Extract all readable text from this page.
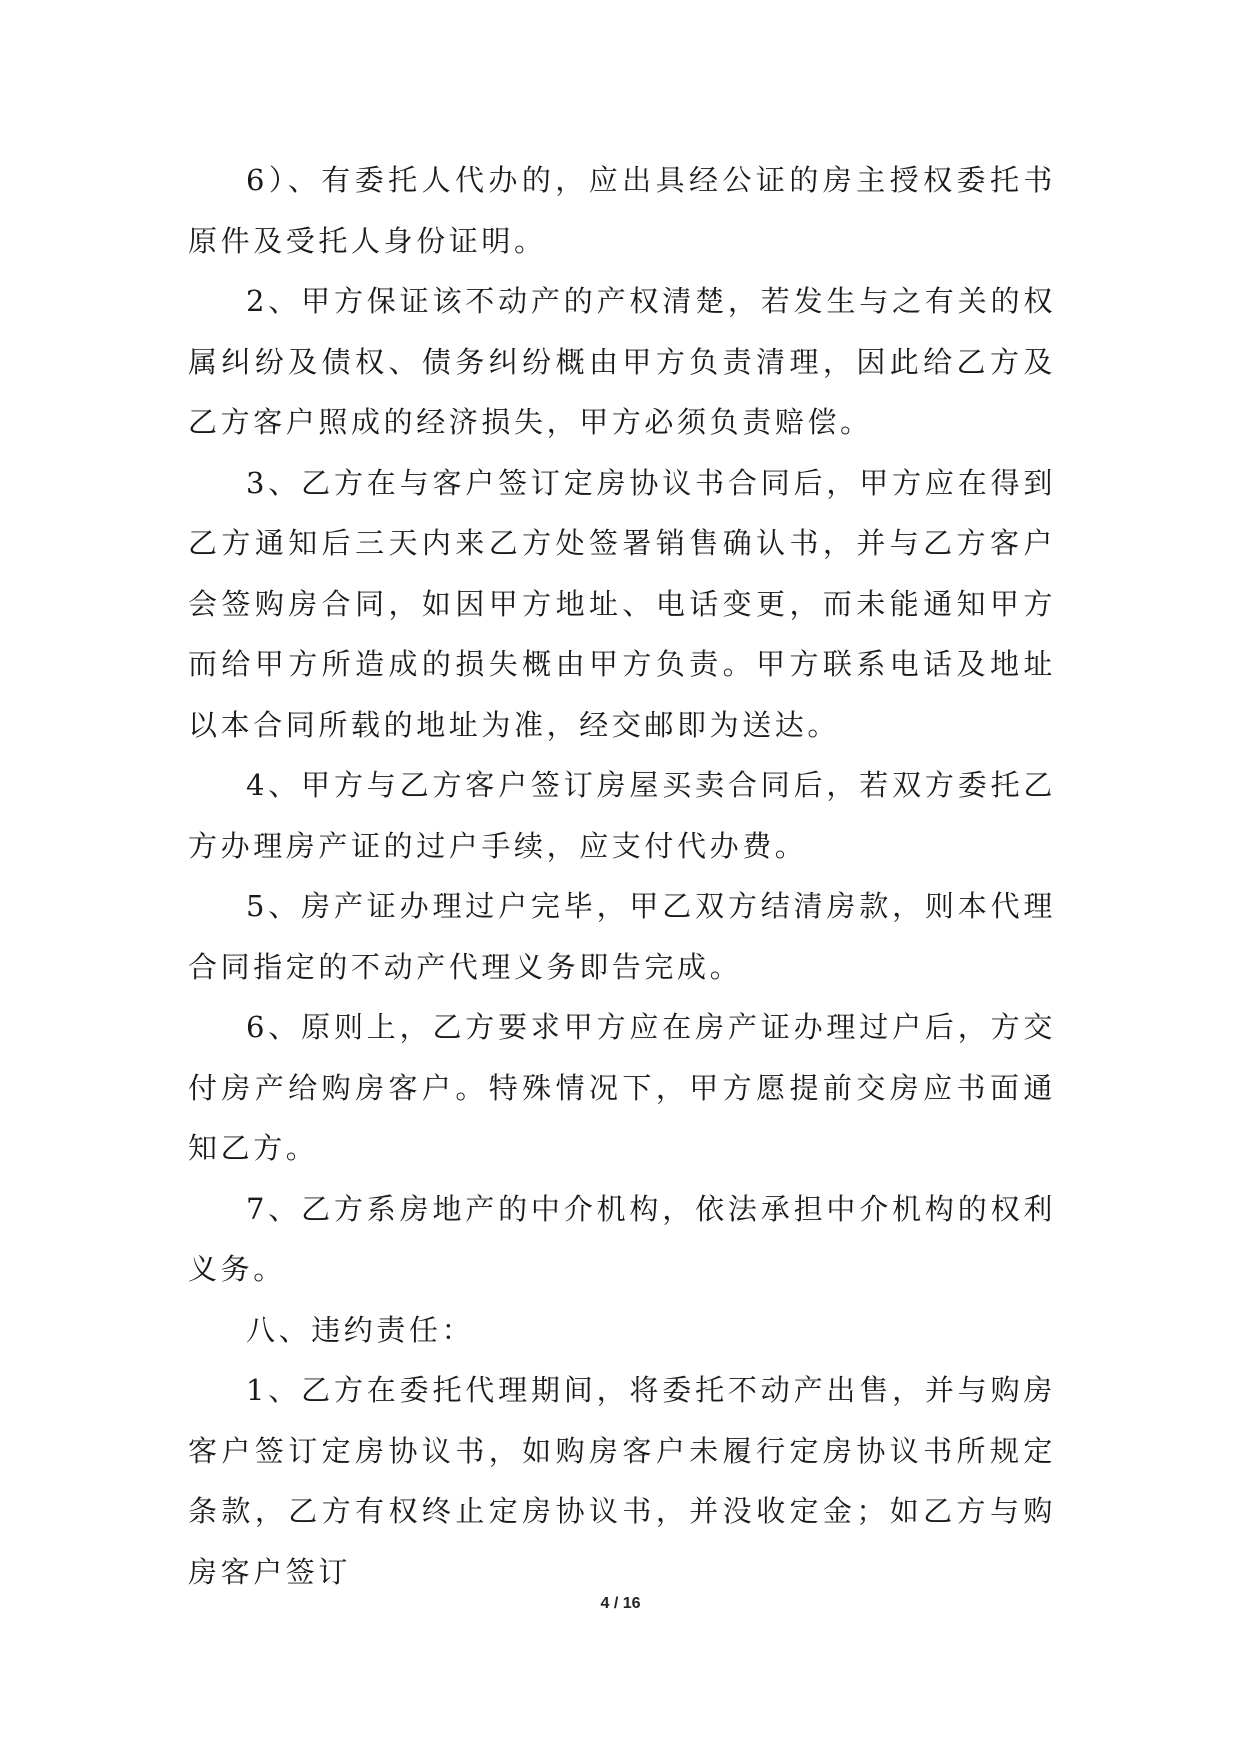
6）、有委托人代办的，应出具经公证的房主授权委托书原件及受托人身份证明。

2、甲方保证该不动产的产权清楚，若发生与之有关的权属纠纷及债权、债务纠纷概由甲方负责清理，因此给乙方及乙方客户照成的经济损失，甲方必须负责赔偿。

3、乙方在与客户签订定房协议书合同后，甲方应在得到乙方通知后三天内来乙方处签署销售确认书，并与乙方客户会签购房合同，如因甲方地址、电话变更，而未能通知甲方而给甲方所造成的损失概由甲方负责。甲方联系电话及地址以本合同所载的地址为准，经交邮即为送达。

4、甲方与乙方客户签订房屋买卖合同后，若双方委托乙方办理房产证的过户手续，应支付代办费。

5、房产证办理过户完毕，甲乙双方结清房款，则本代理合同指定的不动产代理义务即告完成。

6、原则上，乙方要求甲方应在房产证办理过户后，方交付房产给购房客户。特殊情况下，甲方愿提前交房应书面通知乙方。

7、乙方系房地产的中介机构，依法承担中介机构的权利义务。

八、违约责任：

1、乙方在委托代理期间，将委托不动产出售，并与购房客户签订定房协议书，如购房客户未履行定房协议书所规定条款，乙方有权终止定房协议书，并没收定金；如乙方与购房客户签订

4 / 16
